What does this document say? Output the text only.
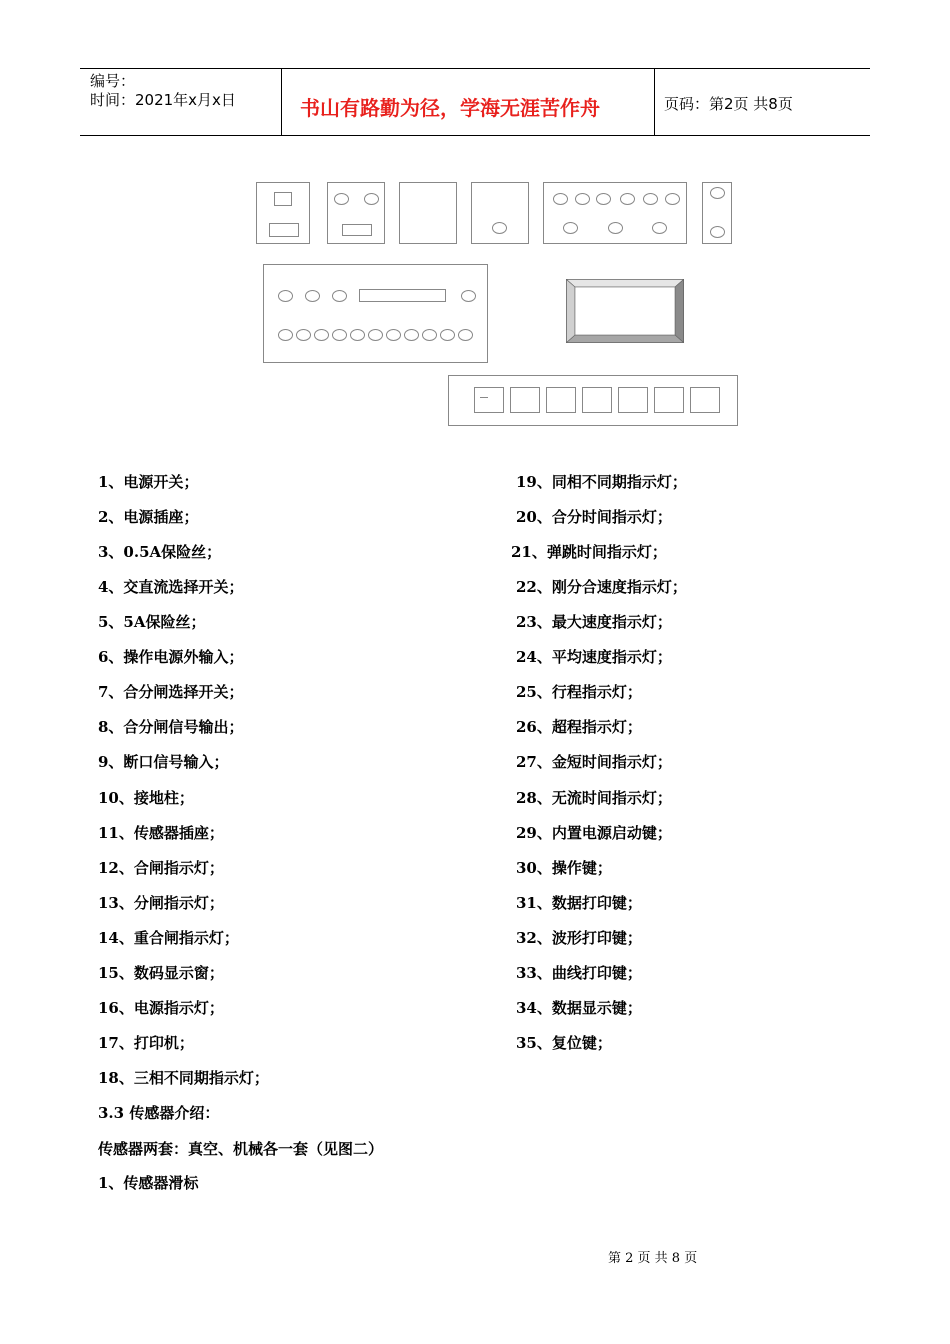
编号：
时间：2021年x月x日	书山有路勤为径，学海无涯苦作舟	页码：第2页 共8页
1、电源开关；
2、电源插座；
3、0.5A保险丝；
4、交直流选择开关；
5、5A保险丝；
6、操作电源外输入；
7、合分闸选择开关；
8、合分闸信号输出；
9、断口信号输入；
10、接地柱；
11、传感器插座；
12、合闸指示灯；
13、分闸指示灯；
14、重合闸指示灯；
15、数码显示窗；
16、电源指示灯；
17、打印机；
18、三相不同期指示灯；
19、同相不同期指示灯；
20、合分时间指示灯；
21、弹跳时间指示灯；
22、刚分合速度指示灯；
23、最大速度指示灯；
24、平均速度指示灯；
25、行程指示灯；
26、超程指示灯；
27、金短时间指示灯；
28、无流时间指示灯；
29、内置电源启动键；
30、操作键；
31、数据打印键；
32、波形打印键；
33、曲线打印键；
34、数据显示键；
35、复位键；
3.3 传感器介绍：
传感器两套：真空、机械各一套（见图二）
1、传感器滑标
第 2 页 共 8 页
